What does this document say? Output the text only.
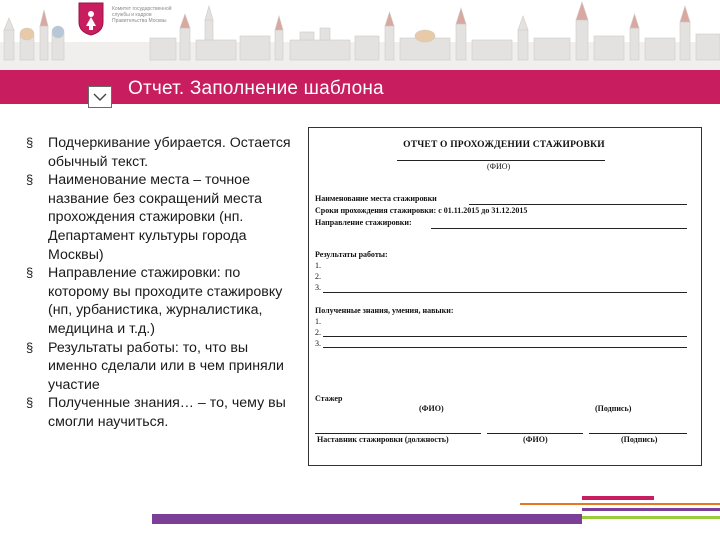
Комитет государственной
службы и кадров
Правительства Москвы
Отчет. Заполнение шаблона
§ Подчеркивание убирается. Остается обычный текст.
§ Наименование места – точное название без сокращений места прохождения стажировки (нп. Департамент культуры города Москвы)
§ Направление стажировки: по которому вы проходите стажировку (нп, урбанистика, журналистика, медицина и т.д.)
§ Результаты работы: то, что вы именно сделали или в чем приняли участие
§ Полученные знания… – то, чему вы смогли научиться.
ОТЧЕТ О ПРОХОЖДЕНИИ СТАЖИРОВКИ
(ФИО)
Наименование места стажировки
Сроки прохождения стажировки: с 01.11.2015 до 31.12.2015
Направление стажировки:
Результаты работы:
1.
2.
3.
Полученные знания, умения, навыки:
1.
2.
3.
Стажер
(ФИО)	(Подпись)
Наставник стажировки (должность)	(ФИО)	(Подпись)
